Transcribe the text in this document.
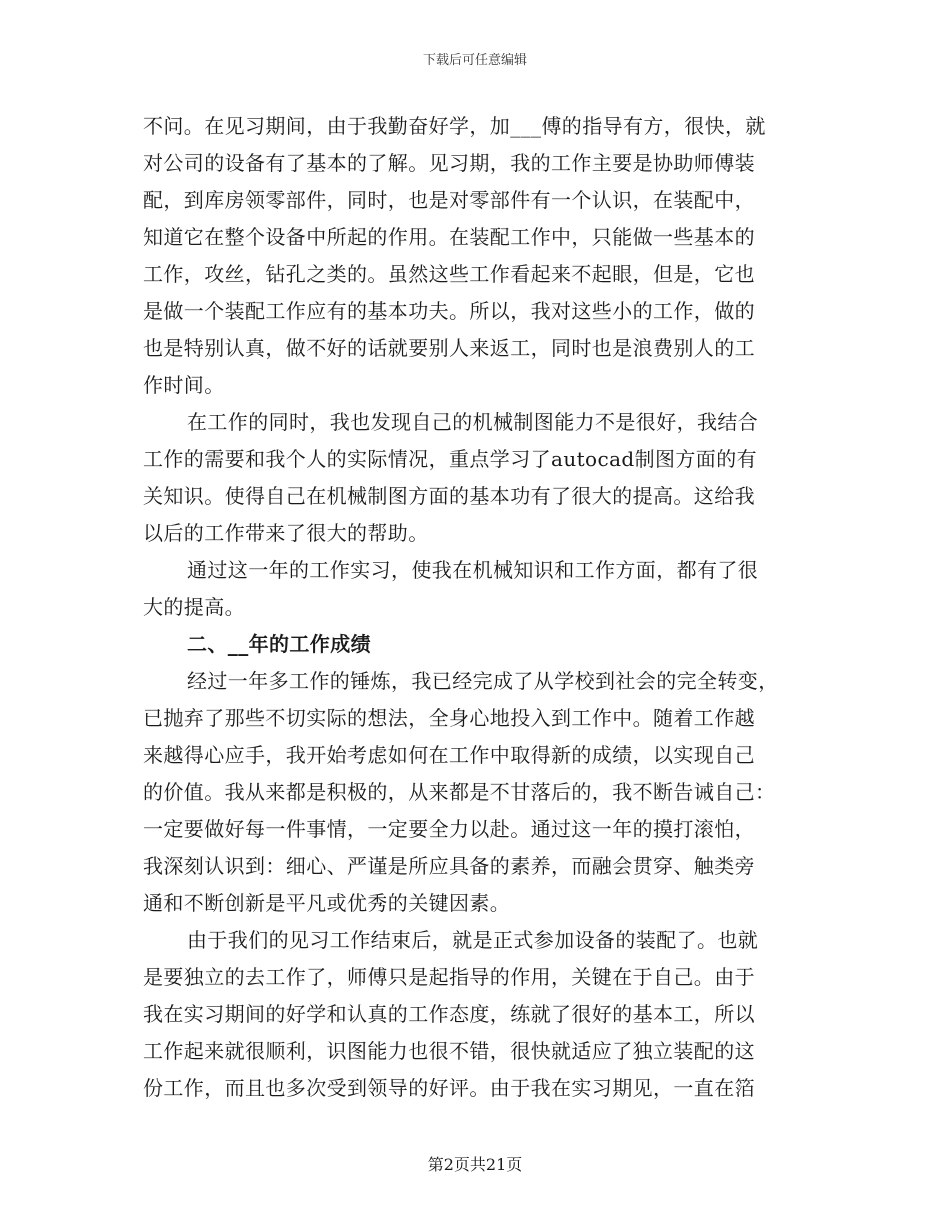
下载后可任意编辑
不问。在见习期间，由于我勤奋好学，加___傅的指导有方，很快，就
对公司的设备有了基本的了解。见习期，我的工作主要是协助师傅装
配，到库房领零部件，同时，也是对零部件有一个认识，在装配中，
知道它在整个设备中所起的作用。在装配工作中，只能做一些基本的
工作，攻丝，钻孔之类的。虽然这些工作看起来不起眼，但是，它也
是做一个装配工作应有的基本功夫。所以，我对这些小的工作，做的
也是特别认真，做不好的话就要别人来返工，同时也是浪费别人的工
作时间。
在工作的同时，我也发现自己的机械制图能力不是很好，我结合
工作的需要和我个人的实际情况，重点学习了autocad制图方面的有
关知识。使得自己在机械制图方面的基本功有了很大的提高。这给我
以后的工作带来了很大的帮助。
通过这一年的工作实习，使我在机械知识和工作方面，都有了很
大的提高。
二、__年的工作成绩
经过一年多工作的锤炼，我已经完成了从学校到社会的完全转变，
已抛弃了那些不切实际的想法，全身心地投入到工作中。随着工作越
来越得心应手，我开始考虑如何在工作中取得新的成绩，以实现自己
的价值。我从来都是积极的，从来都是不甘落后的，我不断告诫自己：
一定要做好每一件事情，一定要全力以赴。通过这一年的摸打滚怕，
我深刻认识到：细心、严谨是所应具备的素养，而融会贯穿、触类旁
通和不断创新是平凡或优秀的关键因素。
由于我们的见习工作结束后，就是正式参加设备的装配了。也就
是要独立的去工作了，师傅只是起指导的作用，关键在于自己。由于
我在实习期间的好学和认真的工作态度，练就了很好的基本工，所以
工作起来就很顺利，识图能力也很不错，很快就适应了独立装配的这
份工作，而且也多次受到领导的好评。由于我在实习期见，一直在箔
第2页共21页
